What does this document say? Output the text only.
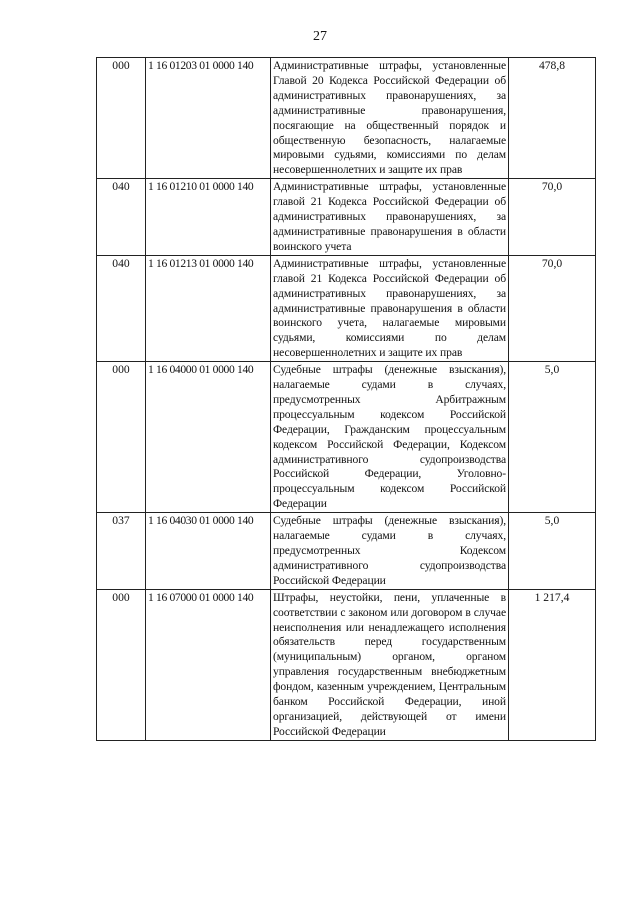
27
000	1 16 01203 01 0000 140	Административные штрафы, установленные Главой 20 Кодекса Российской Федерации об административных правонарушениях, за административные правонарушения, посягающие на общественный порядок и общественную безопасность, налагаемые мировыми судьями, комиссиями по делам несовершеннолетних и защите их прав	478,8
040	1 16 01210 01 0000 140	Административные штрафы, установленные главой 21 Кодекса Российской Федерации об административных правонарушениях, за административные правонарушения в области воинского учета	70,0
040	1 16 01213 01 0000 140	Административные штрафы, установленные главой 21 Кодекса Российской Федерации об административных правонарушениях, за административные правонарушения в области воинского учета, налагаемые мировыми судьями, комиссиями по делам несовершеннолетних и защите их прав	70,0
000	1 16 04000 01 0000 140	Судебные штрафы (денежные взыскания), налагаемые судами в случаях, предусмотренных Арбитражным процессуальным кодексом Российской Федерации, Гражданским процессуальным кодексом Российской Федерации, Кодексом административного судопроизводства Российской Федерации, Уголовно-процессуальным кодексом Российской Федерации	5,0
037	1 16 04030 01 0000 140	Судебные штрафы (денежные взыскания), налагаемые судами в случаях, предусмотренных Кодексом административного судопроизводства Российской Федерации	5,0
000	1 16 07000 01 0000 140	Штрафы, неустойки, пени, уплаченные в соответствии с законом или договором в случае неисполнения или ненадлежащего исполнения обязательств перед государственным (муниципальным) органом, органом управления государственным внебюджетным фондом, казенным учреждением, Центральным банком Российской Федерации, иной организацией, действующей от имени Российской Федерации	1 217,4
